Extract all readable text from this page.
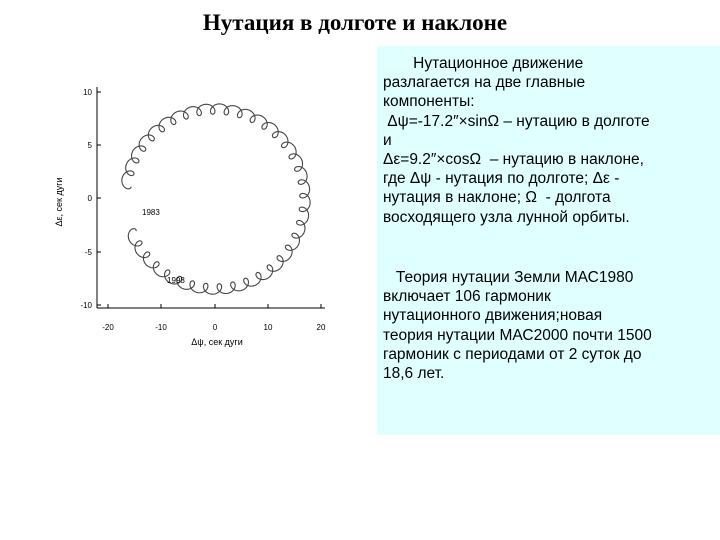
Нутация в долготе и наклоне
10
5
0
-5
-10
-20	-10	0	10	20
1983
1998
Δψ, сек дуги
Δε, сек дуги
Нутационное движение
разлагается на две главные
компоненты:
Δψ=-17.2″×sinΩ – нутацию в долготе
и
Δε=9.2″×cosΩ  – нутацию в наклоне,
где Δψ - нутация по долготе; Δε -
нутация в наклоне; Ω  - долгота
восходящего узла лунной орбиты.
Теория нутации Земли МАС1980
включает 106 гармоник
нутационного движения;новая
теория нутации МАС2000 почти 1500
гармоник с периодами от 2 суток до
18,6 лет.
